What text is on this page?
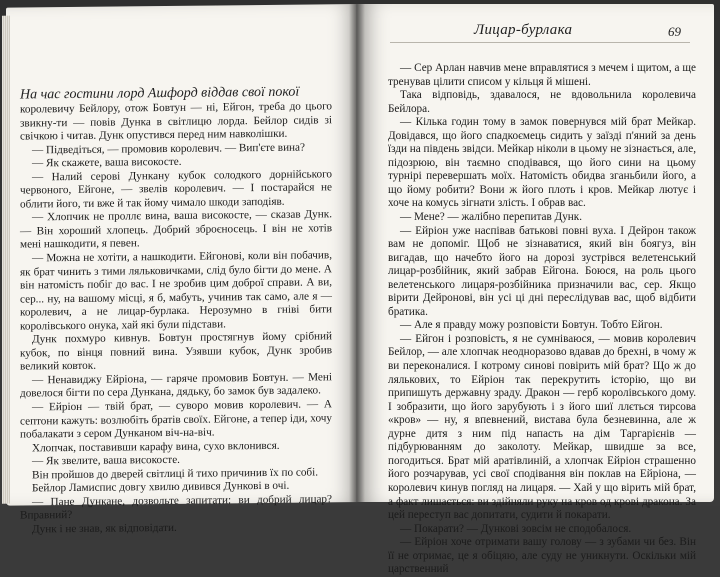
На час гостини лорд Ашфорд віддав свої покої

королевичу Бейлору, отож Бовтун — ні, Ейгон, треба до цього звикну-ти — повів Дунка в світлицю лорда. Бейлор сидів зі свічкою і читав. Дунк опустився перед ним навколішки.

— Підведіться, — промовив королевич. — Вип'єте вина?

— Як скажете, ваша високосте.

— Налий серові Дункану кубок солодкого дорнійського червоного, Ейгоне, — звелів королевич. — І постарайся не облити його, ти вже й так йому чимало шкоди заподіяв.

— Хлопчик не проллє вина, ваша високосте, — сказав Дунк. — Він хороший хлопець. Добрий зброєносець. І він не хотів мені нашкодити, я певен.

— Можна не хотіти, а нашкодити. Ейгонові, коли він побачив, як брат чинить з тими ляльковичками, слід було бігти до мене. А він натомість побіг до вас. І не зробив цим доброї справи. А ви, сер... ну, на вашому місці, я б, мабуть, учинив так само, але я — королевич, а не лицар-бурлака. Нерозумно в гніві бити королівського онука, хай які були підстави.

Дунк похмуро кивнув. Бовтун простягнув йому срібний кубок, по вінця повний вина. Узявши кубок, Дунк зробив великий ковток.

— Ненавиджу Ейріона, — гаряче промовив Бовтун. — Мені довелося бігти по сера Дункана, дядьку, бо замок був задалеко.

— Ейріон — твій брат, — суворо мовив королевич. — А септони кажуть: возлюбіть братів своїх. Ейгоне, а тепер іди, хочу побалакати з сером Дунканом віч-на-віч.

Хлопчак, поставивши карафу вина, сухо вклонився.

— Як звелите, ваша високосте.

Він пройшов до дверей світлиці й тихо причинив їх по собі.

Бейлор Ламиспис довгу хвилю дивився Дункові в очі.

— Пане Дункане, дозвольте запитати: ви добрий лицар? Вправний?

Дунк і не знав, як відповідати.

Лицар-бурлака	69

— Сер Арлан навчив мене вправлятися з мечем і щитом, а ще тренував цілити списом у кільця й мішені.

Така відповідь, здавалося, не вдовольнила королевича Бейлора.

— Кілька годин тому в замок повернувся мій брат Мейкар. Довідався, що його спадкоємець сидить у заїзді п'яний за день їзди на південь звідси. Мейкар ніколи в цьому не зізнається, але, підозрюю, він таємно сподівався, що його сини на цьому турнірі перевершать моїх. Натомість обидва зганьбили його, а що йому робити? Вони ж його плоть і кров. Мейкар лютує і хоче на комусь зігнати злість. І обрав вас.

— Мене? — жалібно перепитав Дунк.

— Ейріон уже наспівав батькові повні вуха. І Дейрон також вам не допоміг. Щоб не зізнаватися, який він боягуз, він вигадав, що начебто його на дорозі зустрівся велетенський лицар-розбійник, який забрав Ейгона. Боюся, на роль цього велетенського лицаря-розбійника призначили вас, сер. Якщо вірити Дейронові, він усі ці дні переслідував вас, щоб відбити братика.

— Але я правду можу розповісти Бовтун. Тобто Ейгон.

— Ейгон і розповість, я не сумніваюся, — мовив королевич Бейлор, — але хлопчак неодноразово вдавав до брехні, в чому ж ви переконалися. І котрому синові повірить мій брат? Що ж до лялькових, то Ейріон так перекрутить історію, що ви припишуть державну зраду. Дракон — герб королівського дому. І зобразити, що його зарубують і з його шиї ллється тирсова «кров» — ну, я впевнений, вистава була безневинна, але ж дурне дитя з ним під напасть на дім Таргарієнів — підбурюванням до заколоту. Мейкар, швидше за все, погодиться. Брат мій аратівлиній, а хлопчак Ейріон страшенно його розчарував, усі свої сподівання він поклав на Ейріона, — королевич кинув погляд на лицаря. — Хай у що вірить мій брат, а факт лишається: ви здійняли руку на кров од крові дракона. За цей переступ вас допитати, судити й покарати.

— Покарати? — Дункові зовсім не сподобалося.

— Ейріон хоче отримати вашу голову — з зубами чи без. Він її не отримає, це я обіцяю, але суду не уникнути. Оскільки мій царственний
